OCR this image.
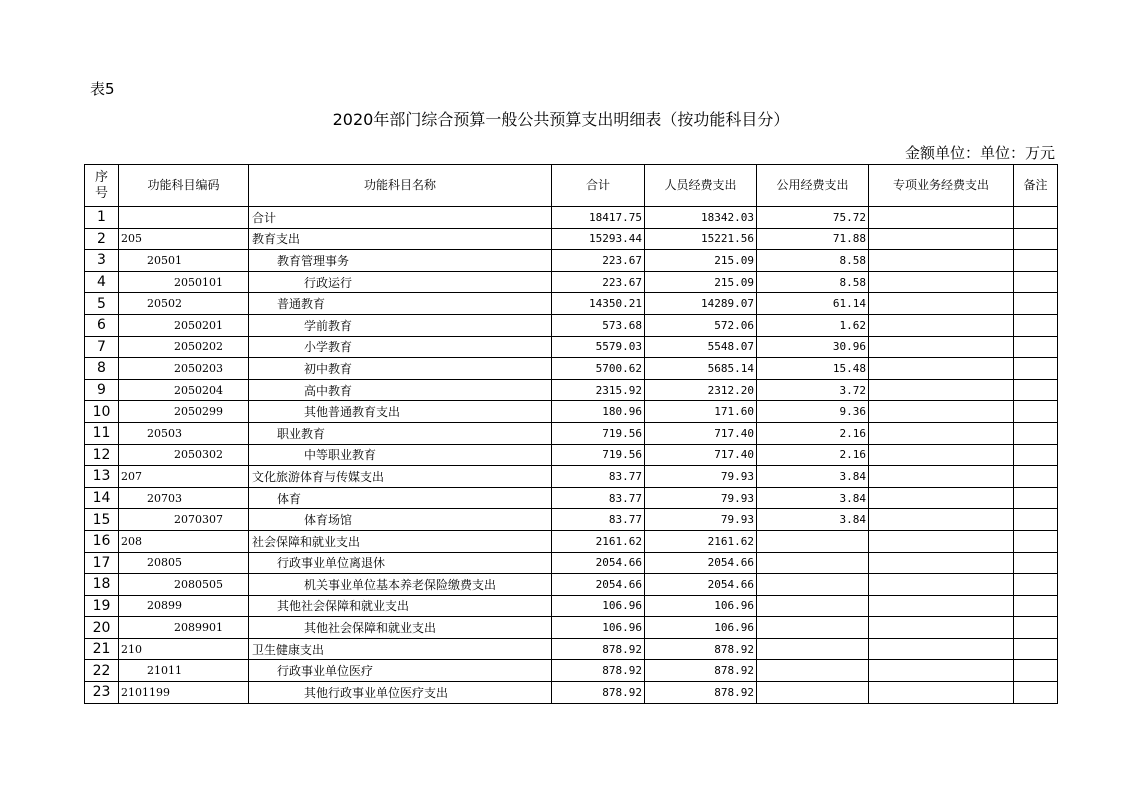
表5
2020年部门综合预算一般公共预算支出明细表（按功能科目分）
金额单位：单位：万元
序号	功能科目编码	功能科目名称	合计	人员经费支出	公用经费支出	专项业务经费支出	备注
1		合计	18417.75	18342.03	75.72		
2	205	教育支出	15293.44	15221.56	71.88		
3	20501	教育管理事务	223.67	215.09	8.58		
4	2050101	行政运行	223.67	215.09	8.58		
5	20502	普通教育	14350.21	14289.07	61.14		
6	2050201	学前教育	573.68	572.06	1.62		
7	2050202	小学教育	5579.03	5548.07	30.96		
8	2050203	初中教育	5700.62	5685.14	15.48		
9	2050204	高中教育	2315.92	2312.20	3.72		
10	2050299	其他普通教育支出	180.96	171.60	9.36		
11	20503	职业教育	719.56	717.40	2.16		
12	2050302	中等职业教育	719.56	717.40	2.16		
13	207	文化旅游体育与传媒支出	83.77	79.93	3.84		
14	20703	体育	83.77	79.93	3.84		
15	2070307	体育场馆	83.77	79.93	3.84		
16	208	社会保障和就业支出	2161.62	2161.62			
17	20805	行政事业单位离退休	2054.66	2054.66			
18	2080505	机关事业单位基本养老保险缴费支出	2054.66	2054.66			
19	20899	其他社会保障和就业支出	106.96	106.96			
20	2089901	其他社会保障和就业支出	106.96	106.96			
21	210	卫生健康支出	878.92	878.92			
22	21011	行政事业单位医疗	878.92	878.92			
23	2101199	其他行政事业单位医疗支出	878.92	878.92			
